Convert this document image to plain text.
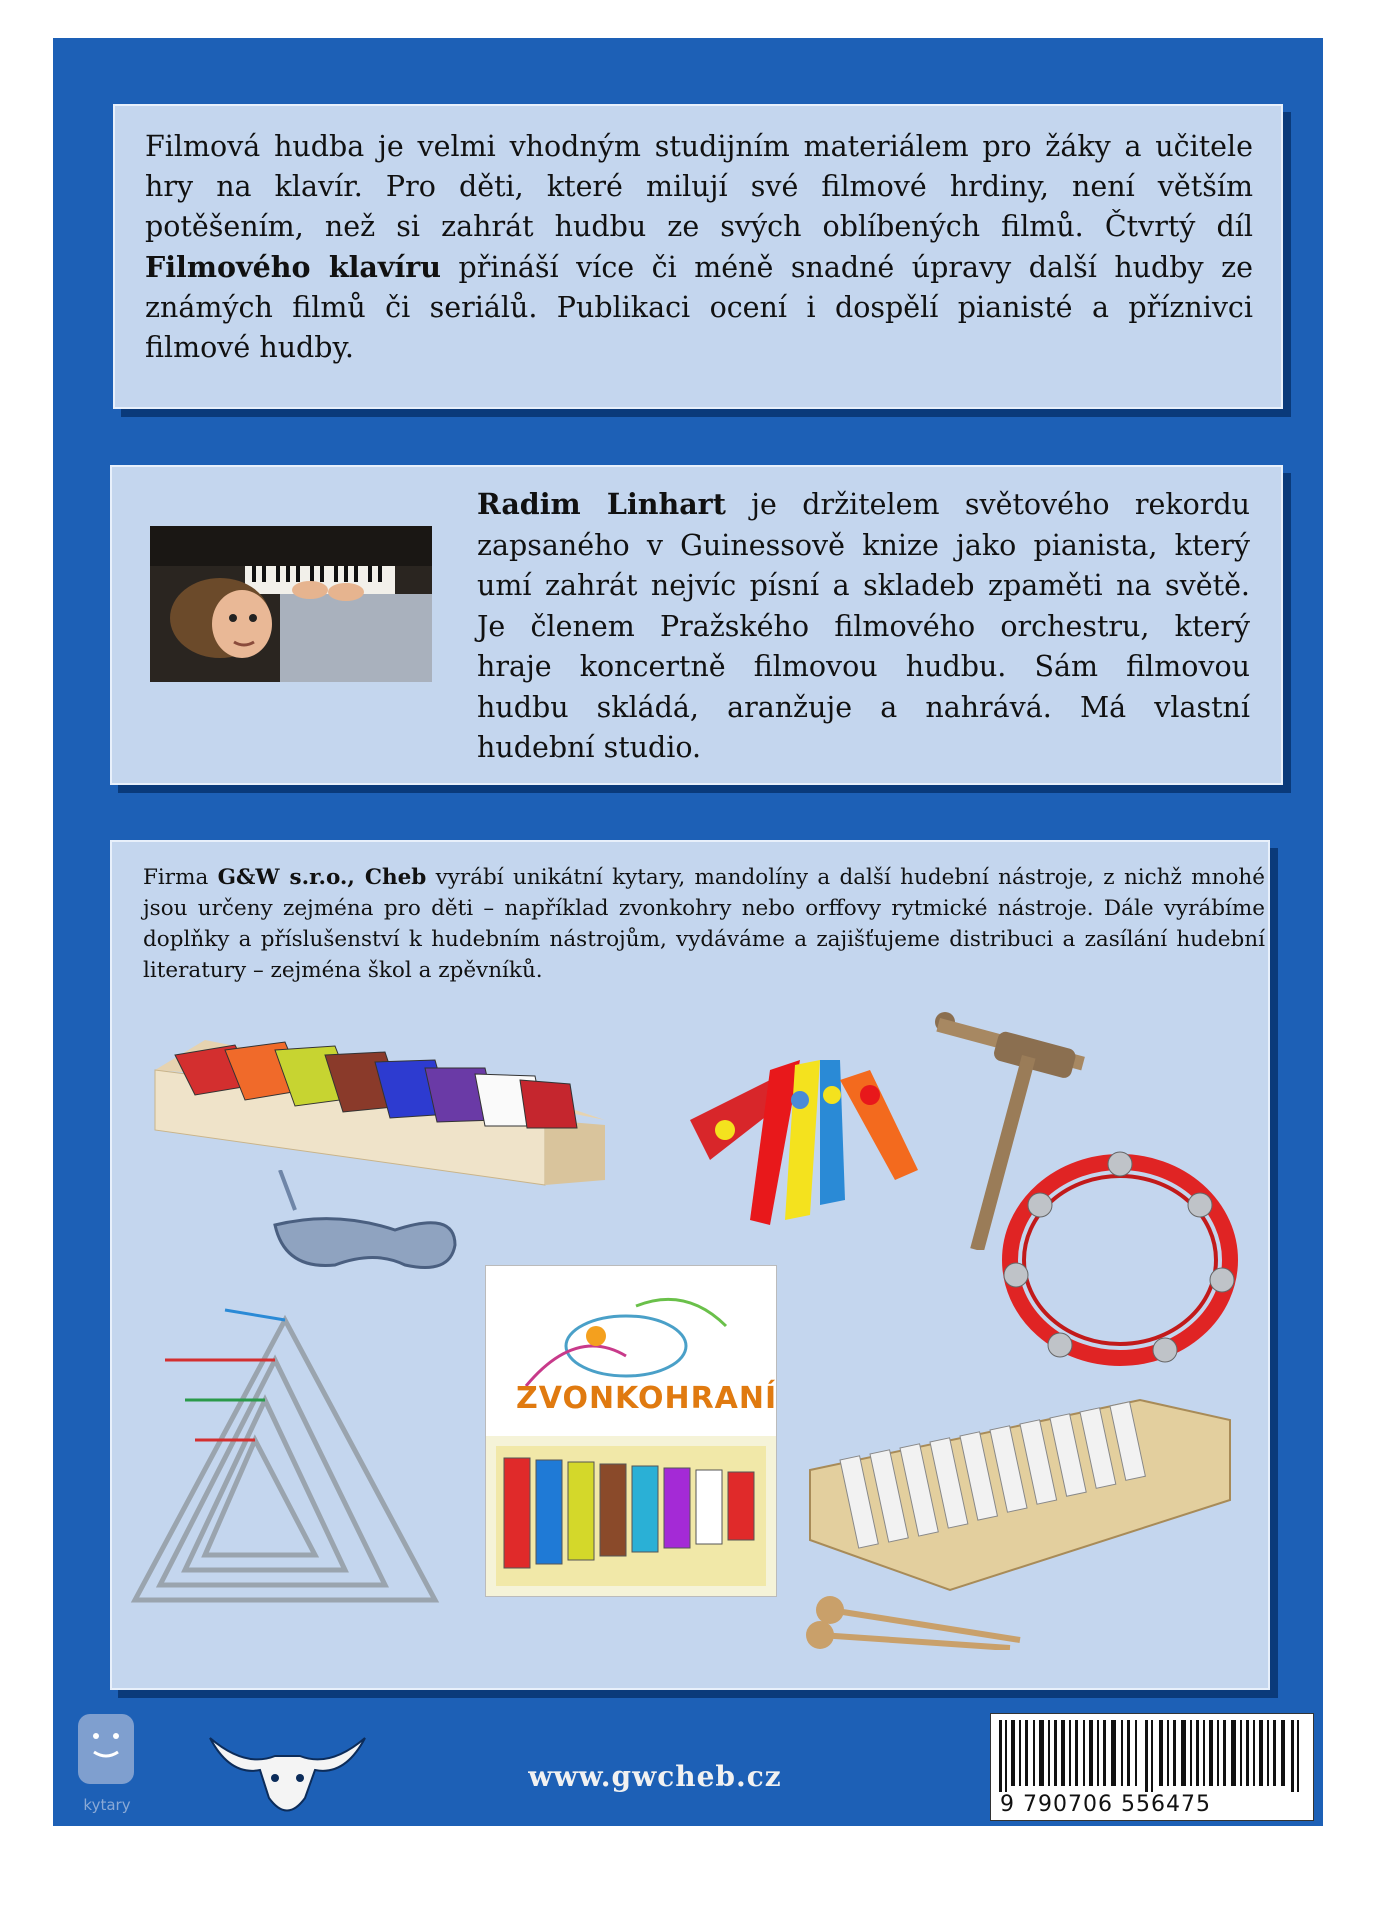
Filmová hudba je velmi vhodným studijním materiálem pro žáky a učitele hry na klavír. Pro děti, které milují své filmové hrdiny, není větším potěšením, než si zahrát hudbu ze svých oblíbených filmů. Čtvrtý díl Filmového klavíru přináší více či méně snadné úpravy další hudby ze známých filmů či seriálů. Publikaci ocení i dospělí pianisté a příznivci filmové hudby.

Radim Linhart je držitelem světového rekordu zapsaného v Guinessově knize jako pianista, který umí zahrát nejvíc písní a skladeb zpaměti na světě. Je členem Pražského filmového orchestru, který hraje koncertně filmovou hudbu. Sám filmovou hudbu skládá, aranžuje a nahrává. Má vlastní hudební studio.

Firma G&W s.r.o., Cheb vyrábí unikátní kytary, mandolíny a další hudební nástroje, z nichž mnohé jsou určeny zejména pro děti – například zvonkohry nebo orffovy rytmické nástroje. Dále vyrábíme doplňky a příslušenství k hudebním nástrojům, vydáváme a zajišťujeme distribuci a zasílání hudební literatury – zejména škol a zpěvníků.

ZVONKOHRANÍ
kytary
www.gwcheb.cz
9 790706 556475
